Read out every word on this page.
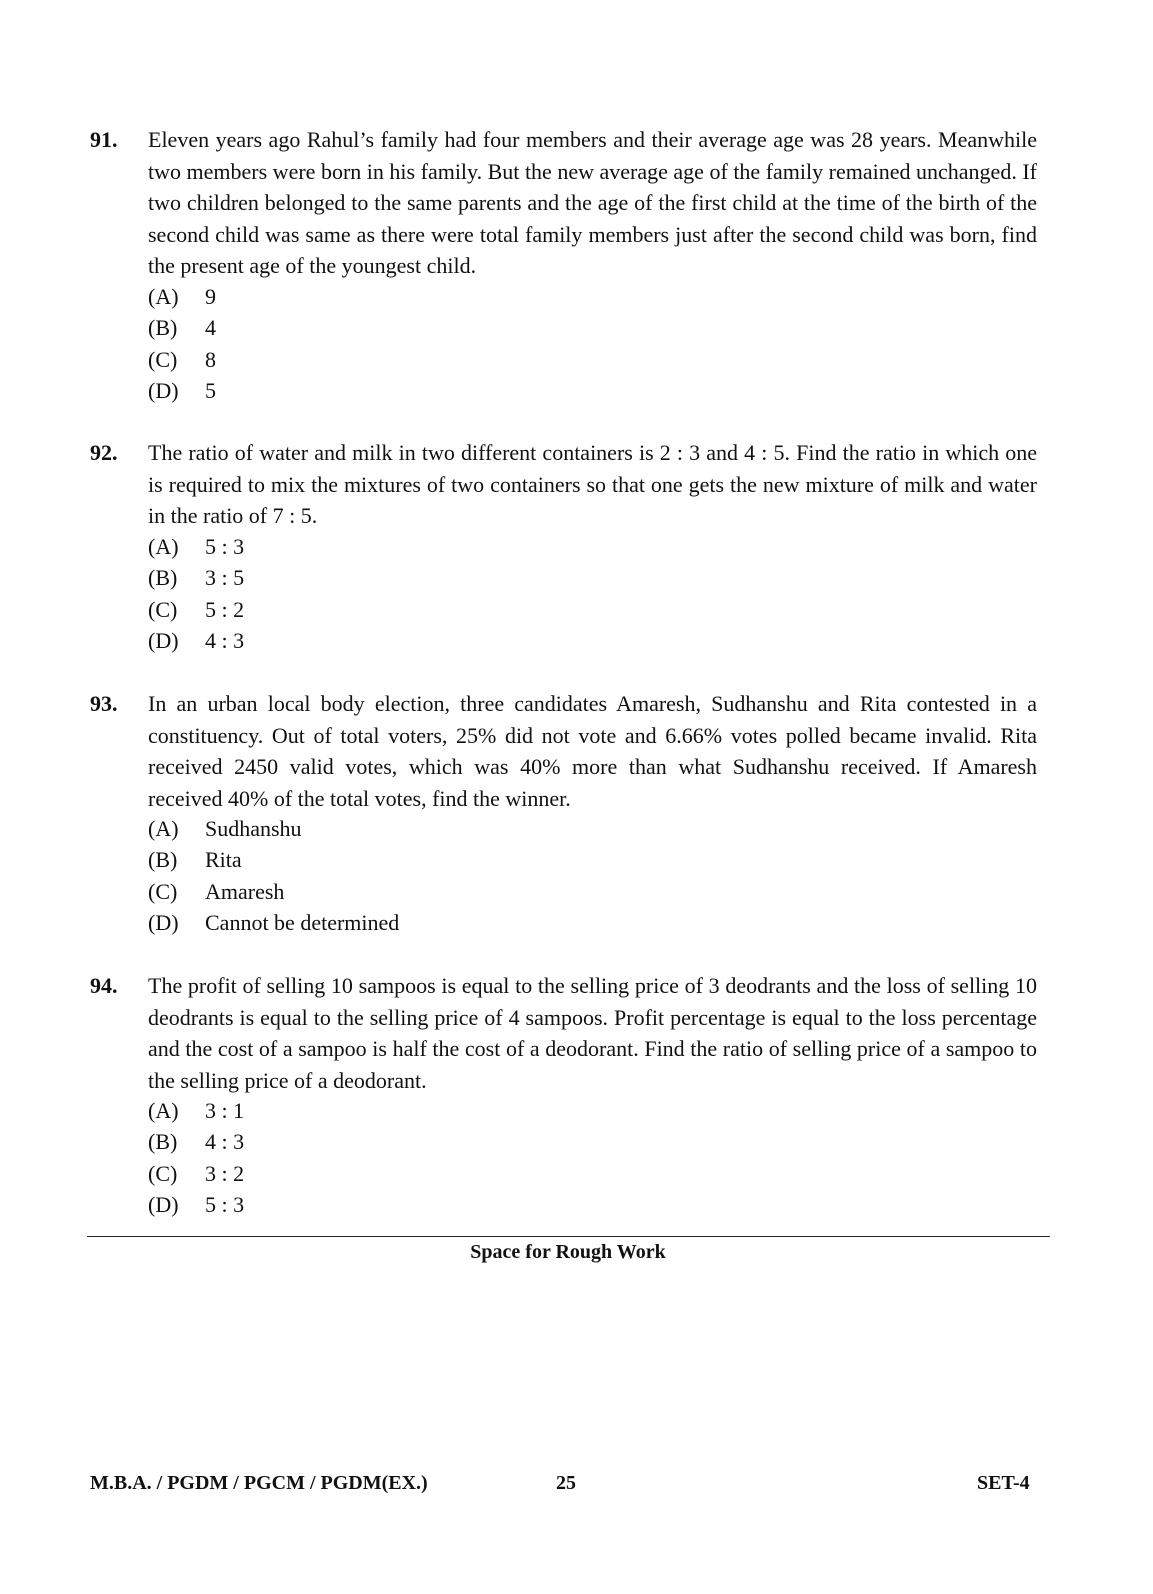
91. Eleven years ago Rahul’s family had four members and their average age was 28 years. Meanwhile two members were born in his family. But the new average age of the family remained unchanged. If two children belonged to the same parents and the age of the first child at the time of the birth of the second child was same as there were total family members just after the second child was born, find the present age of the youngest child.

(A) 9
(B) 4
(C) 8
(D) 5
92. The ratio of water and milk in two different containers is 2 : 3 and 4 : 5. Find the ratio in which one is required to mix the mixtures of two containers so that one gets the new mixture of milk and water in the ratio of 7 : 5.

(A) 5 : 3
(B) 3 : 5
(C) 5 : 2
(D) 4 : 3
93. In an urban local body election, three candidates Amaresh, Sudhanshu and Rita contested in a constituency. Out of total voters, 25% did not vote and 6.66% votes polled became invalid. Rita received 2450 valid votes, which was 40% more than what Sudhanshu received. If Amaresh received 40% of the total votes, find the winner.

(A) Sudhanshu
(B) Rita
(C) Amaresh
(D) Cannot be determined
94. The profit of selling 10 sampoos is equal to the selling price of 3 deodrants and the loss of selling 10 deodrants is equal to the selling price of 4 sampoos. Profit percentage is equal to the loss percentage and the cost of a sampoo is half the cost of a deodorant. Find the ratio of selling price of a sampoo to the selling price of a deodorant.

(A) 3 : 1
(B) 4 : 3
(C) 3 : 2
(D) 5 : 3
Space for Rough Work
M.B.A. / PGDM / PGCM / PGDM(EX.)	25	SET-4
